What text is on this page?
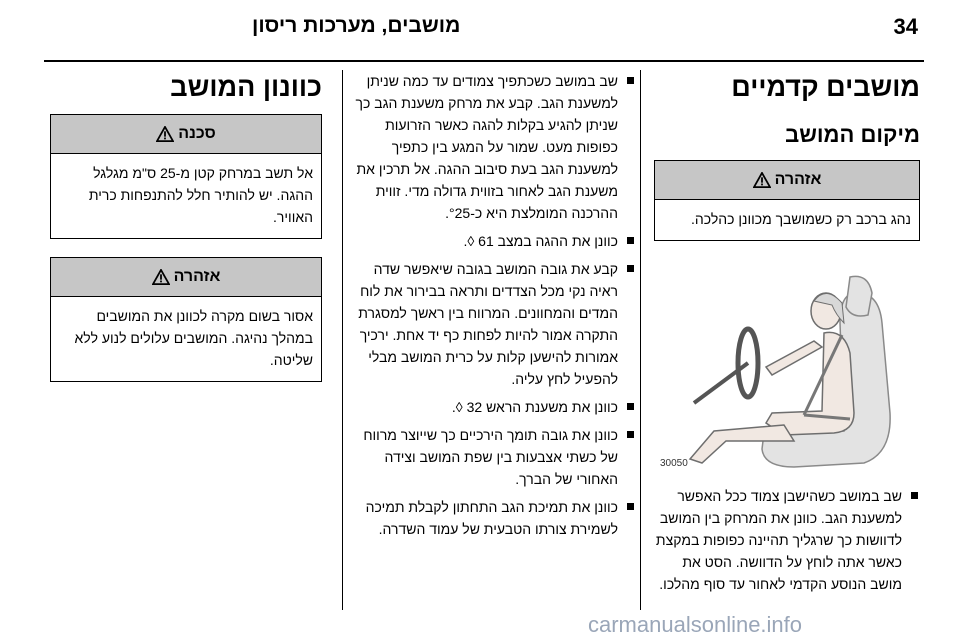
34
מושבים, מערכות ריסון
מושבים קדמיים
מיקום המושב
אזהרה
נהג ברכב רק כשמושבך מכוונן כהלכה.
30050
שב במושב כשהישבן צמוד ככל האפשר למשענת הגב. כוונן את המרחק בין המושב לדוושות כך שרגליך תהיינה כפופות במקצת כאשר אתה לוחץ על הדוושה. הסט את מושב הנוסע הקדמי לאחור עד סוף מהלכו.
שב במושב כשכתפיך צמודים עד כמה שניתן למשענת הגב. קבע את מרחק משענת הגב כך שניתן להגיע בקלות להגה כאשר הזרועות כפופות מעט. שמור על המגע בין כתפיך למשענת הגב בעת סיבוב ההגה. אל תרכין את משענת הגב לאחור בזווית גדולה מדי. זווית ההרכנה המומלצת היא כ-°25.
כוונן את ההגה במצב 61 ◊.
קבע את גובה המושב בגובה שיאפשר שדה ראיה נקי מכל הצדדים ותראה בבירור את לוח המדים והמחוונים. המרווח בין ראשך למסגרת התקרה אמור להיות לפחות כף יד אחת. ירכיך אמורות להישען קלות על כרית המושב מבלי להפעיל לחץ עליה.
כוונן את משענת הראש 32 ◊.
כוונן את גובה תומך הירכיים כך שייוצר מרווח של כשתי אצבעות בין שפת המושב וצידה האחורי של הברך.
כוונן את תמיכת הגב התחתון לקבלת תמיכה לשמירת צורתו הטבעית של עמוד השדרה.
כוונון המושב
סכנה
אל תשב במרחק קטן מ-25 ס"מ מגלגל ההגה. יש להותיר חלל להתנפחות כרית האוויר.
אזהרה
אסור בשום מקרה לכוונן את המושבים במהלך נהיגה. המושבים עלולים לנוע ללא שליטה.
carmanualsonline.info
